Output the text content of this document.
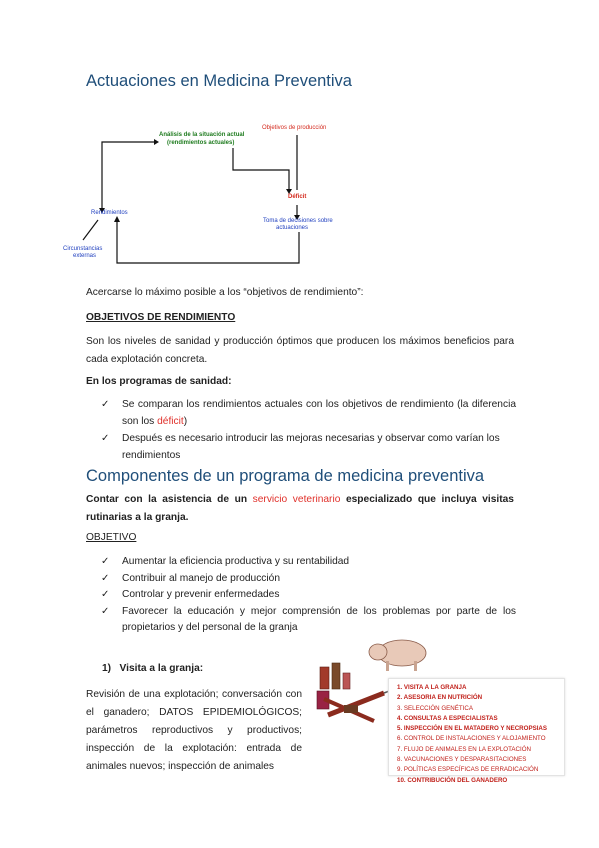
Actuaciones en Medicina Preventiva
Análisis de la situación actual
(rendimientos actuales)
Objetivos de producción
Déficit
Toma de decisiones sobre
actuaciones
Rendimientos
Circunstancias
externas
Acercarse lo máximo posible a los “objetivos de rendimiento”:
OBJETIVOS DE RENDIMIENTO
Son los niveles de sanidad y producción óptimos que producen los máximos beneficios para cada explotación concreta.
En los programas de sanidad:
✓ Se comparan los rendimientos actuales con los objetivos de rendimiento (la diferencia son los déficit)
✓ Después es necesario introducir las mejoras necesarias y observar como varían los rendimientos
Componentes de un programa de medicina preventiva
Contar con la asistencia de un servicio veterinario especializado que incluya visitas rutinarias a la granja.
OBJETIVO
✓ Aumentar la eficiencia productiva y su rentabilidad
✓ Contribuir al manejo de producción
✓ Controlar y prevenir enfermedades
✓ Favorecer la educación y mejor comprensión de los problemas por parte de los propietarios y del personal de la granja
1)   Visita a la granja:
Revisión de una explotación; conversación con el ganadero; DATOS EPIDEMIOLÓGICOS; parámetros reproductivos y productivos; inspección de la explotación: entrada de animales nuevos; inspección de animales
1. VISITA A LA GRANJA
2. ASESORIA EN NUTRICIÓN
3. SELECCIÓN GENÉTICA
4. CONSULTAS A ESPECIALISTAS
5. INSPECCIÓN EN EL MATADERO Y NECROPSIAS
6. CONTROL DE INSTALACIONES Y ALOJAMIENTO
7. FLUJO DE ANIMALES EN LA EXPLOTACIÓN
8. VACUNACIONES Y DESPARASITACIONES
9. POLÍTICAS ESPECÍFICAS DE ERRADICACIÓN
10. CONTRIBUCIÓN DEL GANADERO
